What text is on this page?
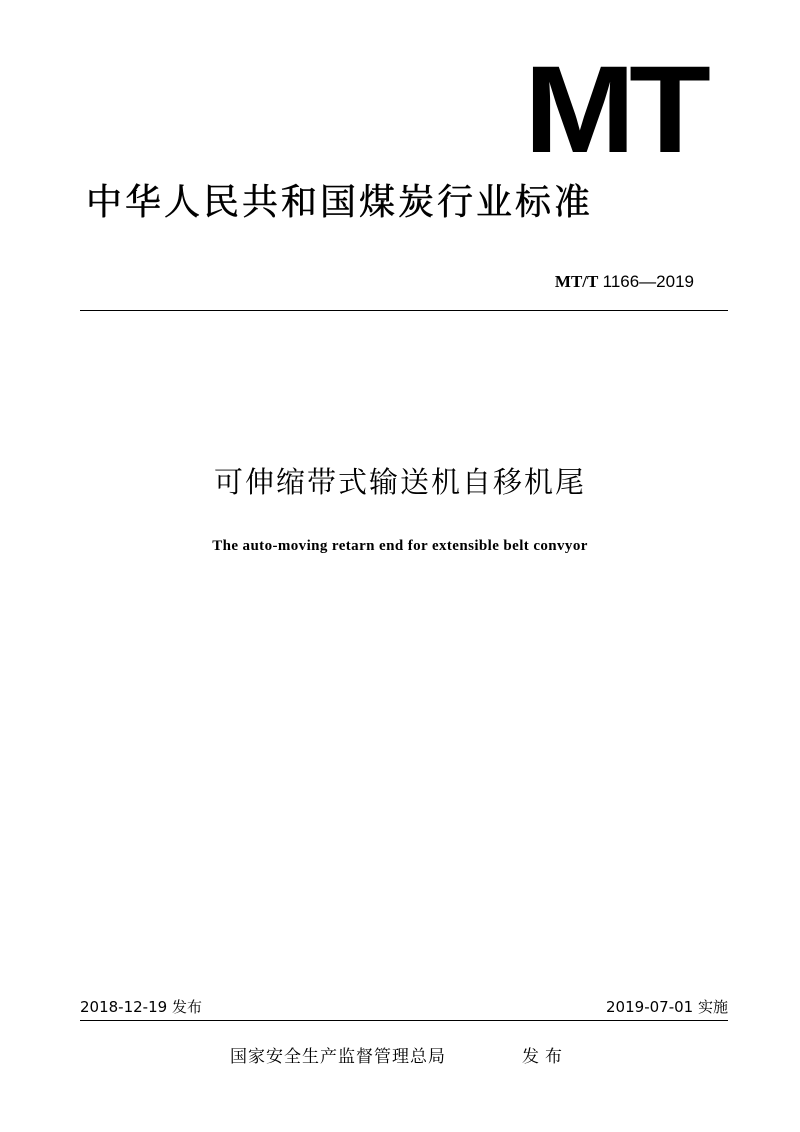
MT
中华人民共和国煤炭行业标准
MT/T 1166—2019
可伸缩带式输送机自移机尾
The auto-moving retarn end for extensible belt convyor
2018-12-19 发布	2019-07-01 实施
国家安全生产监督管理总局	发布
